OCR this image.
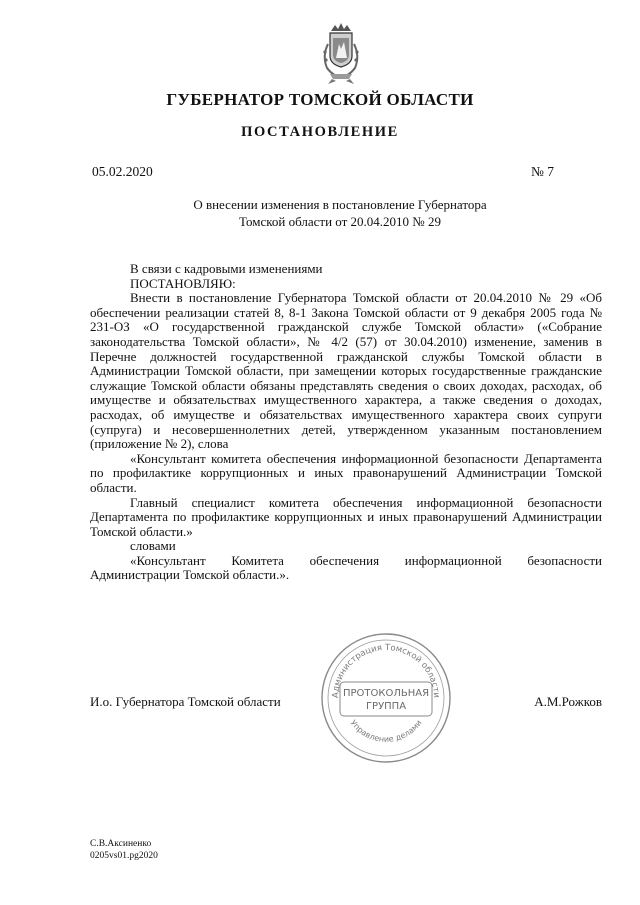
ГУБЕРНАТОР ТОМСКОЙ ОБЛАСТИ
ПОСТАНОВЛЕНИЕ
05.02.2020	№ 7
О внесении изменения в постановление Губернатора
Томской области от 20.04.2010 № 29

В связи с кадровыми изменениями

ПОСТАНОВЛЯЮ:

Внести в постановление Губернатора Томской области от 20.04.2010 № 29 «Об обеспечении реализации статей 8, 8-1 Закона Томской области от 9 декабря 2005 года № 231-ОЗ «О государственной гражданской службе Томской области» («Собрание законодательства Томской области», № 4/2 (57) от 30.04.2010) изменение, заменив в Перечне должностей государственной гражданской службы Томской области в Администрации Томской области, при замещении которых государственные гражданские служащие Томской области обязаны представлять сведения о своих доходах, расходах, об имуществе и обязательствах имущественного характера, а также сведения о доходах, расходах, об имуществе и обязательствах имущественного характера своих супруги (супруга) и несовершеннолетних детей, утвержденном указанным постановлением (приложение № 2), слова

«Консультант комитета обеспечения информационной безопасности Департамента по профилактике коррупционных и иных правонарушений Администрации Томской области.

Главный специалист комитета обеспечения информационной безопасности Департамента по профилактике коррупционных и иных правонарушений Администрации Томской области.»

словами

«Консультант Комитета обеспечения информационной безопасности Администрации Томской области.».

И.о. Губернатора Томской области	А.М.Рожков
Администрация Томской области
Управление делами
ПРОТОКОЛЬНАЯ
ГРУППА
С.В.Аксиненко
0205vs01.pg2020
